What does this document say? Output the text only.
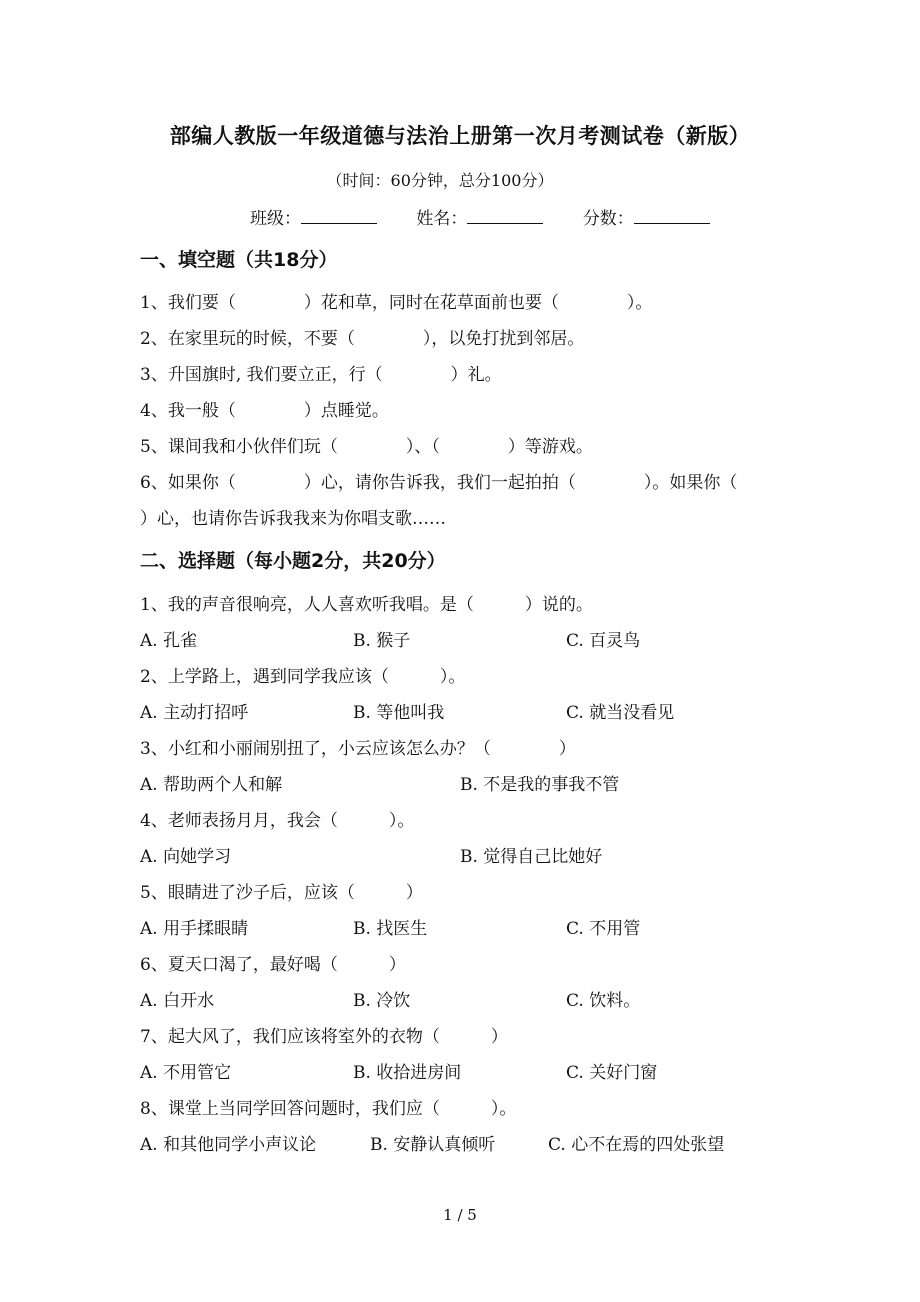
部编人教版一年级道德与法治上册第一次月考测试卷（新版）
（时间：60分钟，总分100分）
班级：	姓名：	分数：
一、填空题（共18分）
1、我们要（　　　　）花和草，同时在花草面前也要（　　　　）。
2、在家里玩的时候，不要（　　　　），以免打扰到邻居。
3、升国旗时, 我们要立正，行（　　　　）礼。
4、我一般（　　　　）点睡觉。
5、课间我和小伙伴们玩（　　　　）、（　　　　）等游戏。
6、如果你（　　　　）心，请你告诉我，我们一起拍拍（　　　　）。如果你（
）心，也请你告诉我我来为你唱支歌……
二、选择题（每小题2分，共20分）
1、我的声音很响亮，人人喜欢听我唱。是（　　　）说的。
A. 孔雀	B. 猴子	C. 百灵鸟
2、上学路上，遇到同学我应该（　　　）。
A. 主动打招呼	B. 等他叫我	C. 就当没看见
3、小红和小丽闹别扭了，小云应该怎么办？（　　　　）
A. 帮助两个人和解	B. 不是我的事我不管
4、老师表扬月月，我会（　　　）。
A. 向她学习	B. 觉得自己比她好
5、眼睛进了沙子后，应该（　　　）
A. 用手揉眼睛	B. 找医生	C. 不用管
6、夏天口渴了，最好喝（　　　）
A. 白开水	B. 冷饮	C. 饮料。
7、起大风了，我们应该将室外的衣物（　　　）
A. 不用管它	B. 收拾进房间	C. 关好门窗
8、课堂上当同学回答问题时，我们应（　　　）。
A. 和其他同学小声议论	B. 安静认真倾听	C. 心不在焉的四处张望
1 / 5
